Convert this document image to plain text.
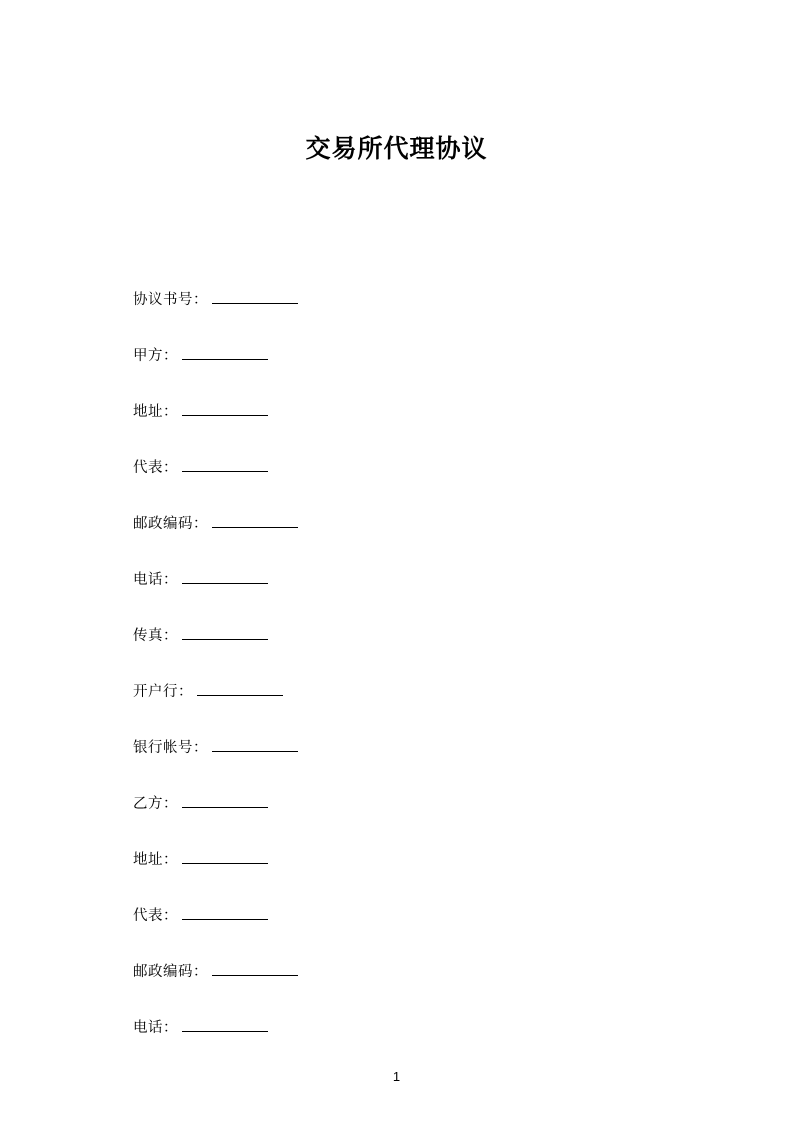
交易所代理协议
协议书号：
甲方：
地址：
代表：
邮政编码：
电话：
传真：
开户行：
银行帐号：
乙方：
地址：
代表：
邮政编码：
电话：
1
